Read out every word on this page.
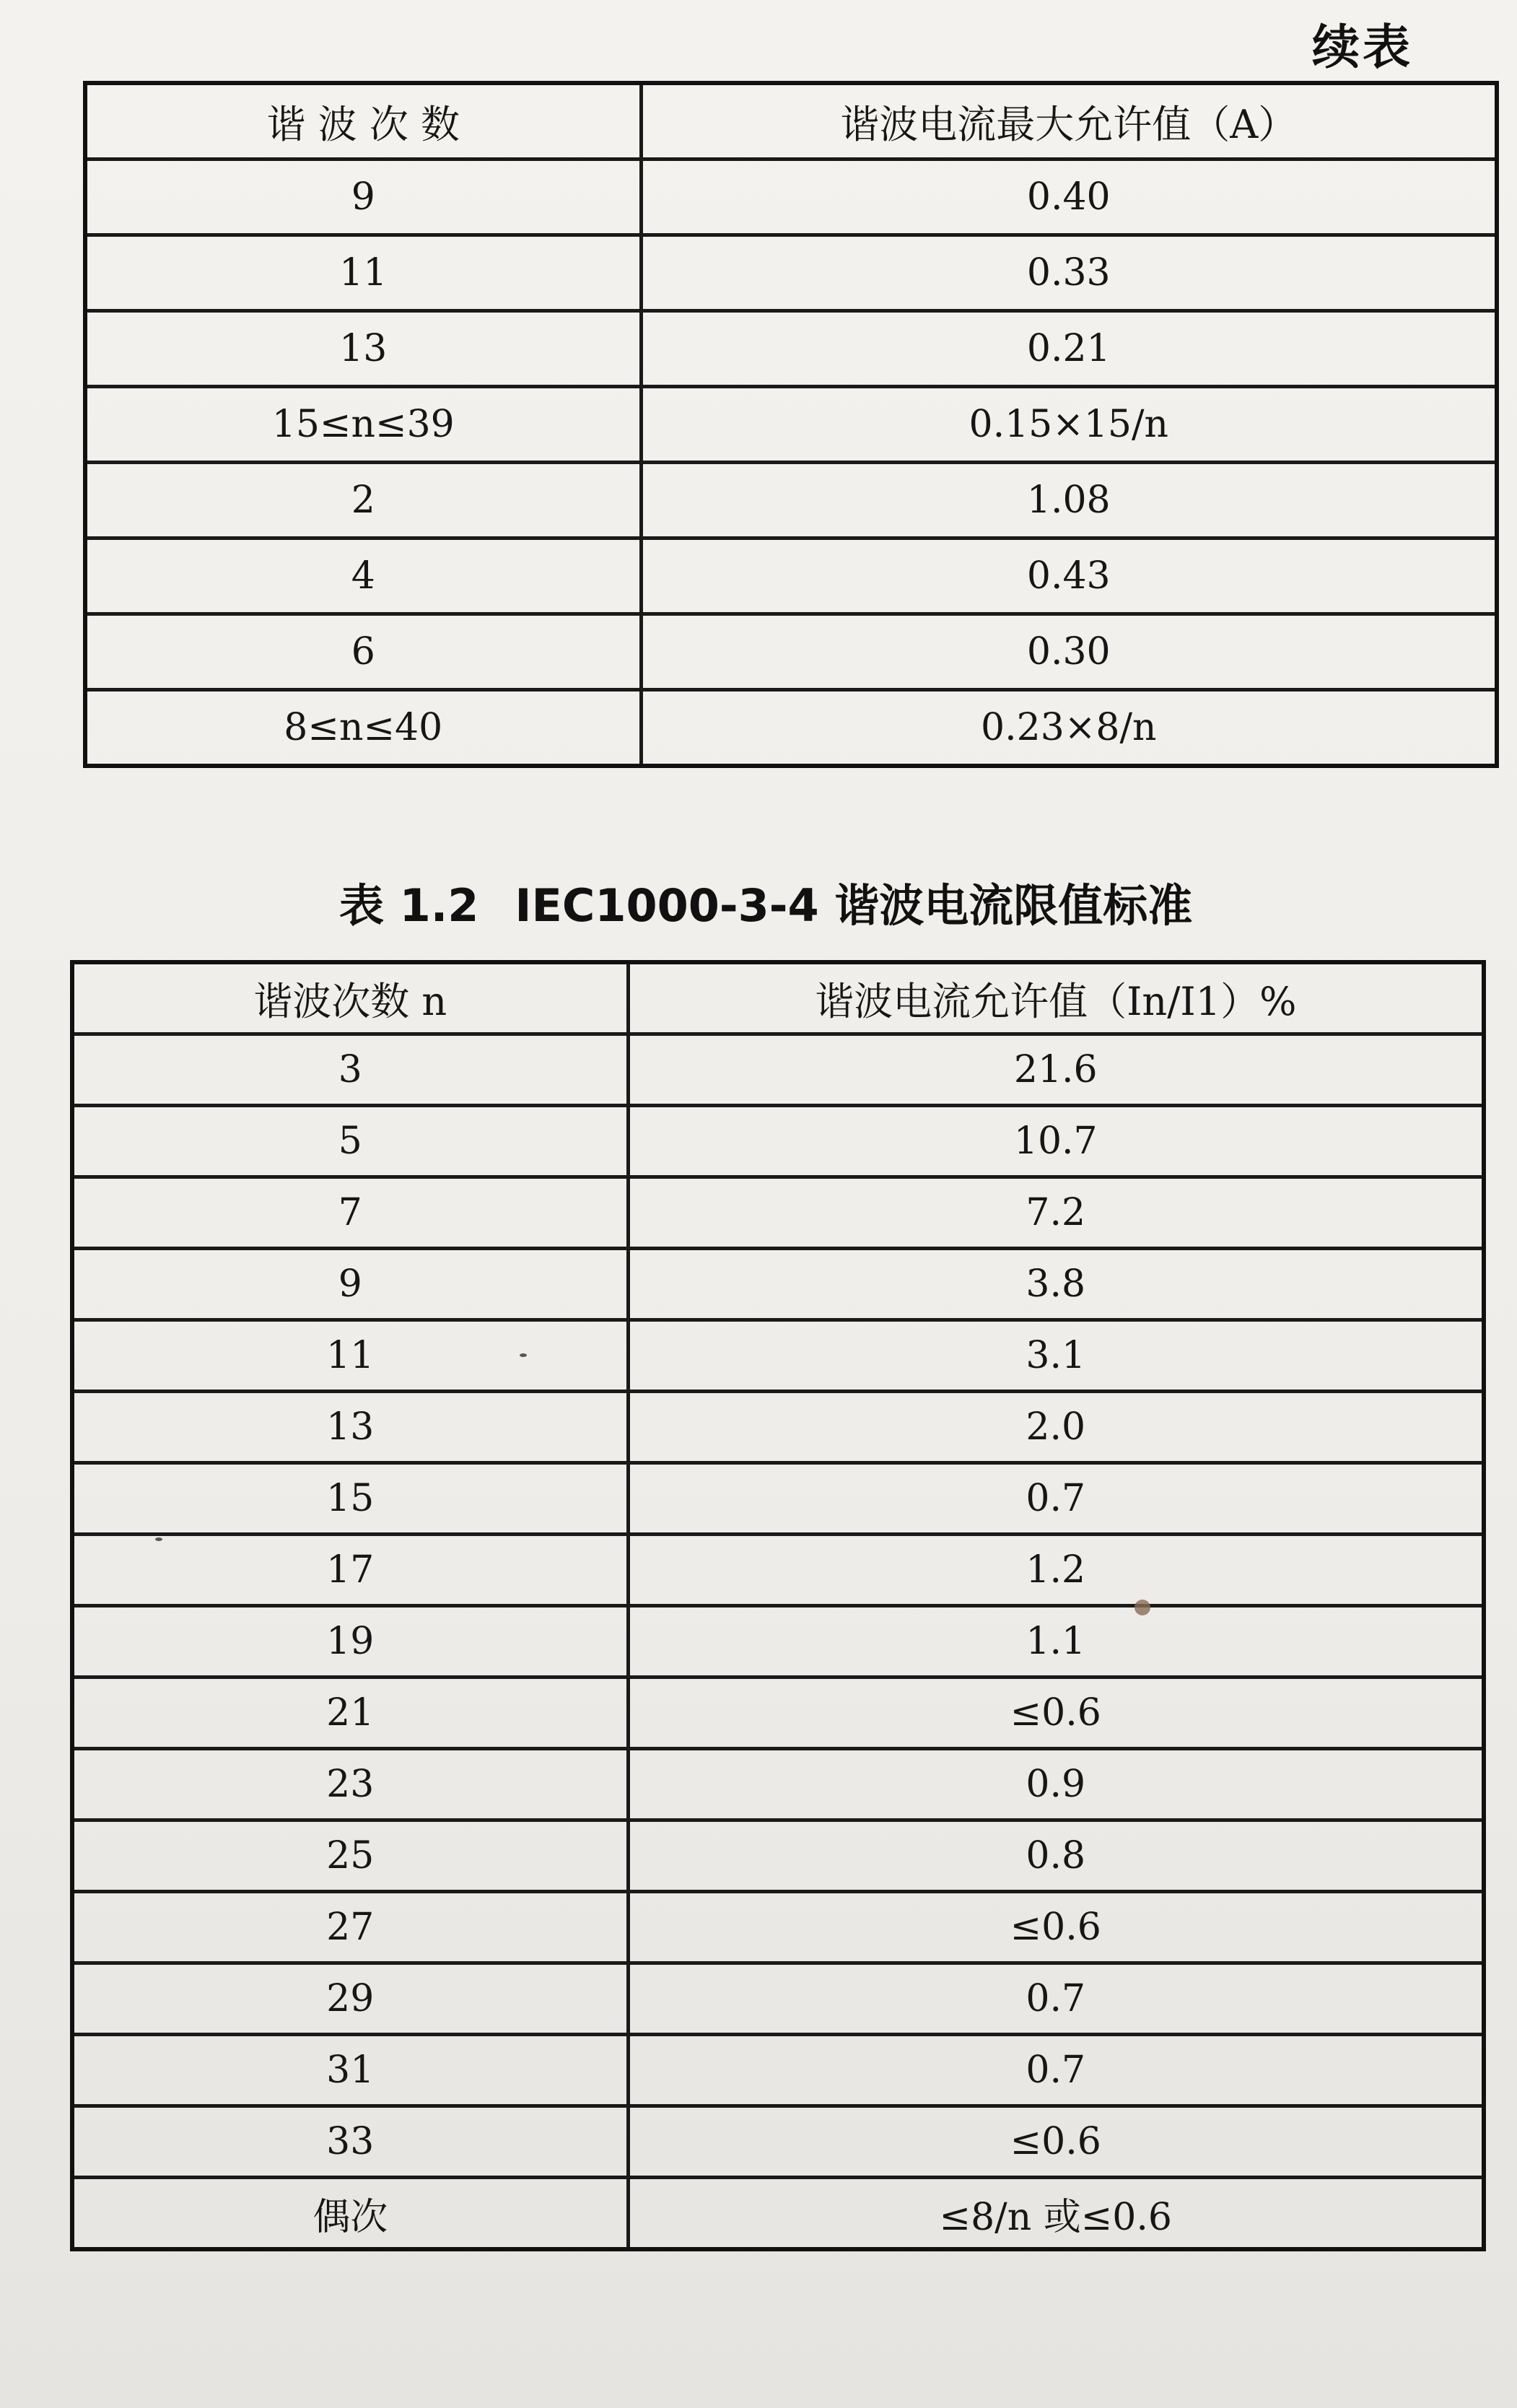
续表
谐 波 次 数	谐波电流最大允许值（A）
9	0.40
11	0.33
13	0.21
15≤n≤39	0.15×15/n
2	1.08
4	0.43
6	0.30
8≤n≤40	0.23×8/n
表 1.2 IEC1000-3-4 谐波电流限值标准
谐波次数 n	谐波电流允许值（In/I1）%
3	21.6
5	10.7
7	7.2
9	3.8
11	3.1
13	2.0
15	0.7
17	1.2
19	1.1
21	≤0.6
23	0.9
25	0.8
27	≤0.6
29	0.7
31	0.7
33	≤0.6
偶次	≤8/n 或≤0.6
